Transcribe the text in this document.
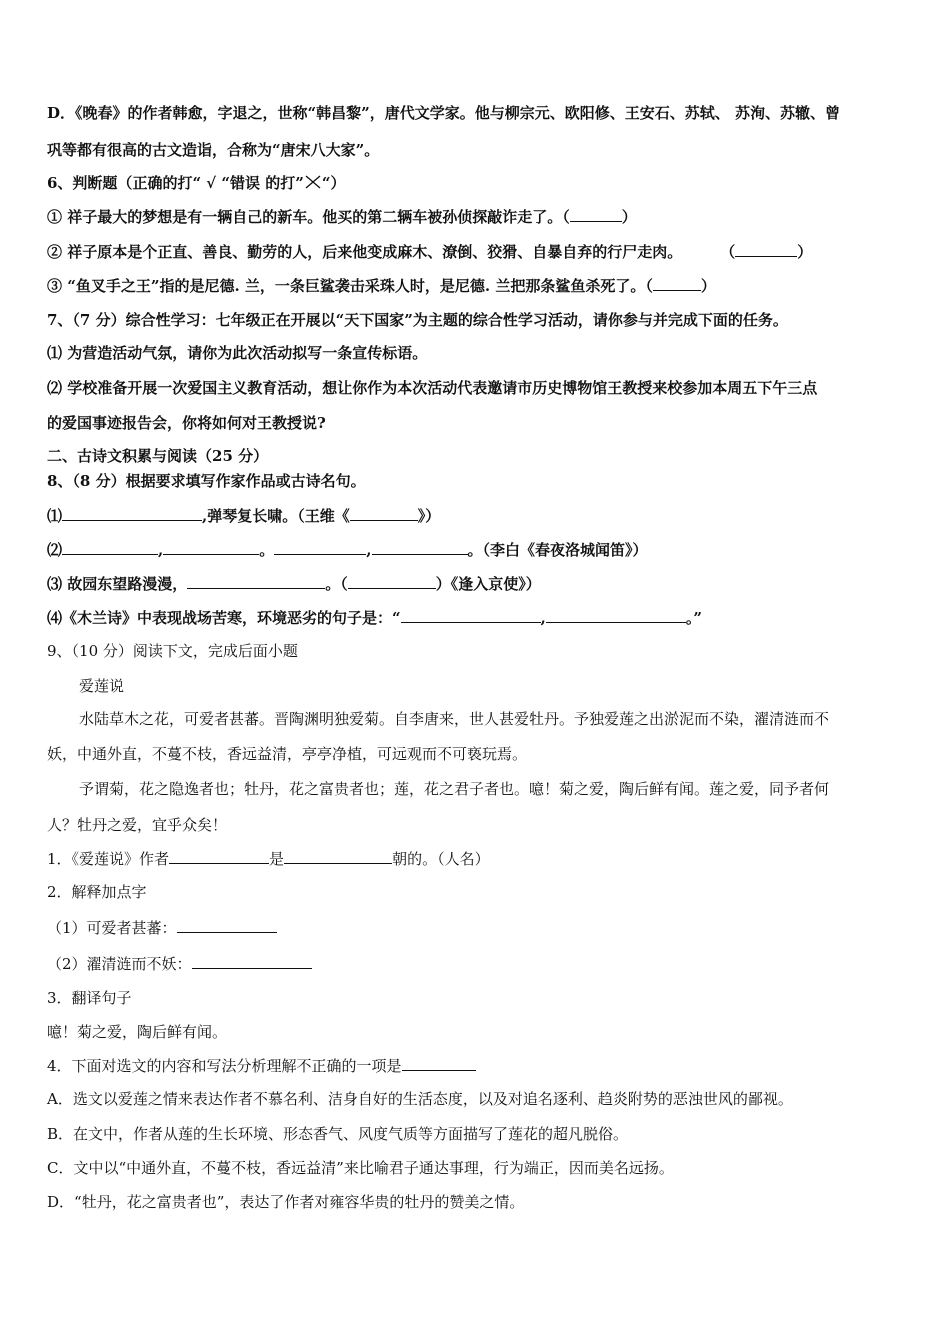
D．《晚春》的作者韩愈，字退之，世称“韩昌黎”，唐代文学家。他与柳宗元、欧阳修、王安石、苏轼、 苏洵、苏辙、曾
巩等都有很高的古文造诣，合称为“唐宋八大家”。
6、判断题（正确的打“ √ “错误 的打” “）
① 祥子最大的梦想是有一辆自己的新车。他买的第二辆车被孙侦探敲诈走了。（	）
② 祥子原本是个正直、善良、勤劳的人，后来他变成麻木、潦倒、狡猾、自暴自弃的行尸走肉。	（	）
③ “鱼叉手之王”指的是尼德. 兰，一条巨鲨袭击采珠人时，是尼德. 兰把那条鲨鱼杀死了。（	）
7、（7 分）综合性学习：七年级正在开展以“天下国家”为主题的综合性学习活动，请你参与并完成下面的任务。
⑴ 为营造活动气氛，请你为此次活动拟写一条宣传标语。
⑵ 学校准备开展一次爱国主义教育活动，想让你作为本次活动代表邀请市历史博物馆王教授来校参加本周五下午三点
的爱国事迹报告会，你将如何对王教授说?
二、古诗文积累与阅读（25 分）
8、（8 分）根据要求填写作家作品或古诗名句。
⑴	,弹琴复长啸。（王维《	》）
⑵	,	。	,	。（李白《春夜洛城闻笛》）
⑶ 故园东望路漫漫，	。（	）《逢入京使》）
⑷《木兰诗》中表现战场苦寒，环境恶劣的句子是：“	,	。”
9、（10 分）阅读下文，完成后面小题
爱莲说
水陆草木之花，可爱者甚蕃。晋陶渊明独爱菊。自李唐来，世人甚爱牡丹。予独爱莲之出淤泥而不染，濯清涟而不
妖，中通外直，不蔓不枝，香远益清，亭亭净植，可远观而不可亵玩焉。
予谓菊，花之隐逸者也；牡丹，花之富贵者也；莲，花之君子者也。噫！菊之爱，陶后鲜有闻。莲之爱，同予者何
人？牡丹之爱，宜乎众矣！
1．《爱莲说》作者	是	朝的。（人名）
2．解释加点字
（1）可爱者甚蕃：
（2）濯清涟而不妖：
3．翻译句子
噫！菊之爱，陶后鲜有闻。
4．下面对选文的内容和写法分析理解不正确的一项是
A．选文以爱莲之情来表达作者不慕名利、洁身自好的生活态度，以及对追名逐利、趋炎附势的恶浊世风的鄙视。
B．在文中，作者从莲的生长环境、形态香气、风度气质等方面描写了莲花的超凡脱俗。
C．文中以“中通外直，不蔓不枝，香远益清”来比喻君子通达事理，行为端正，因而美名远扬。
D．“牡丹，花之富贵者也”，表达了作者对雍容华贵的牡丹的赞美之情。
